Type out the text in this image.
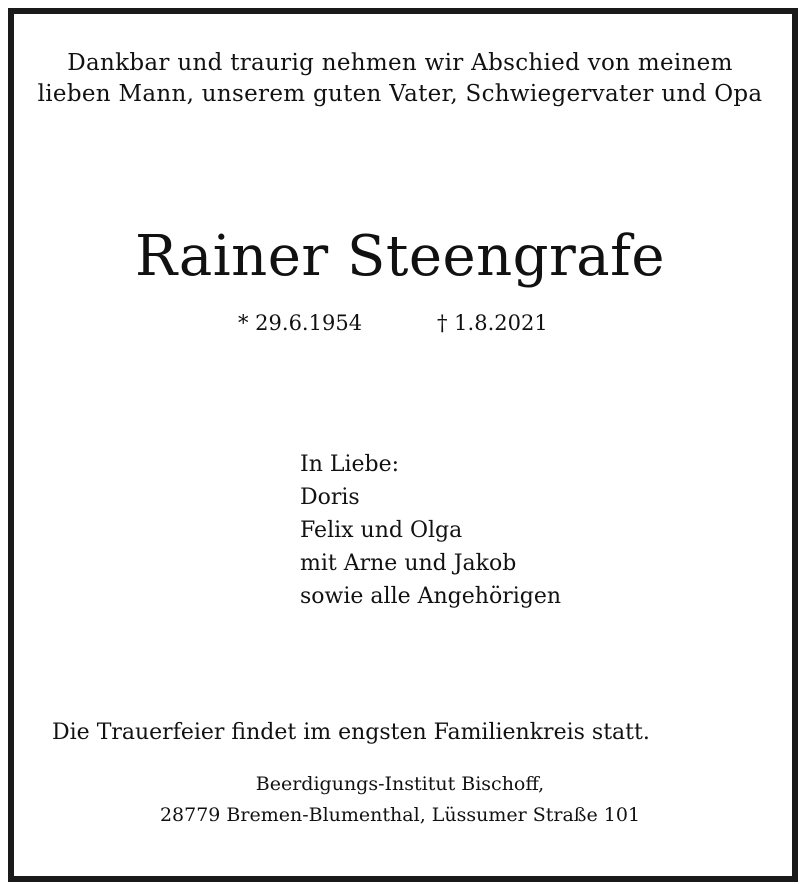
Dankbar und traurig nehmen wir Abschied von meinem
lieben Mann, unserem guten Vater, Schwiegervater und Opa
Rainer Steengrafe
* 29.6.1954	† 1.8.2021
In Liebe:
Doris
Felix und Olga
mit Arne und Jakob
sowie alle Angehörigen
Die Trauerfeier findet im engsten Familienkreis statt.
Beerdigungs-Institut Bischoff,
28779 Bremen-Blumenthal, Lüssumer Straße 101
